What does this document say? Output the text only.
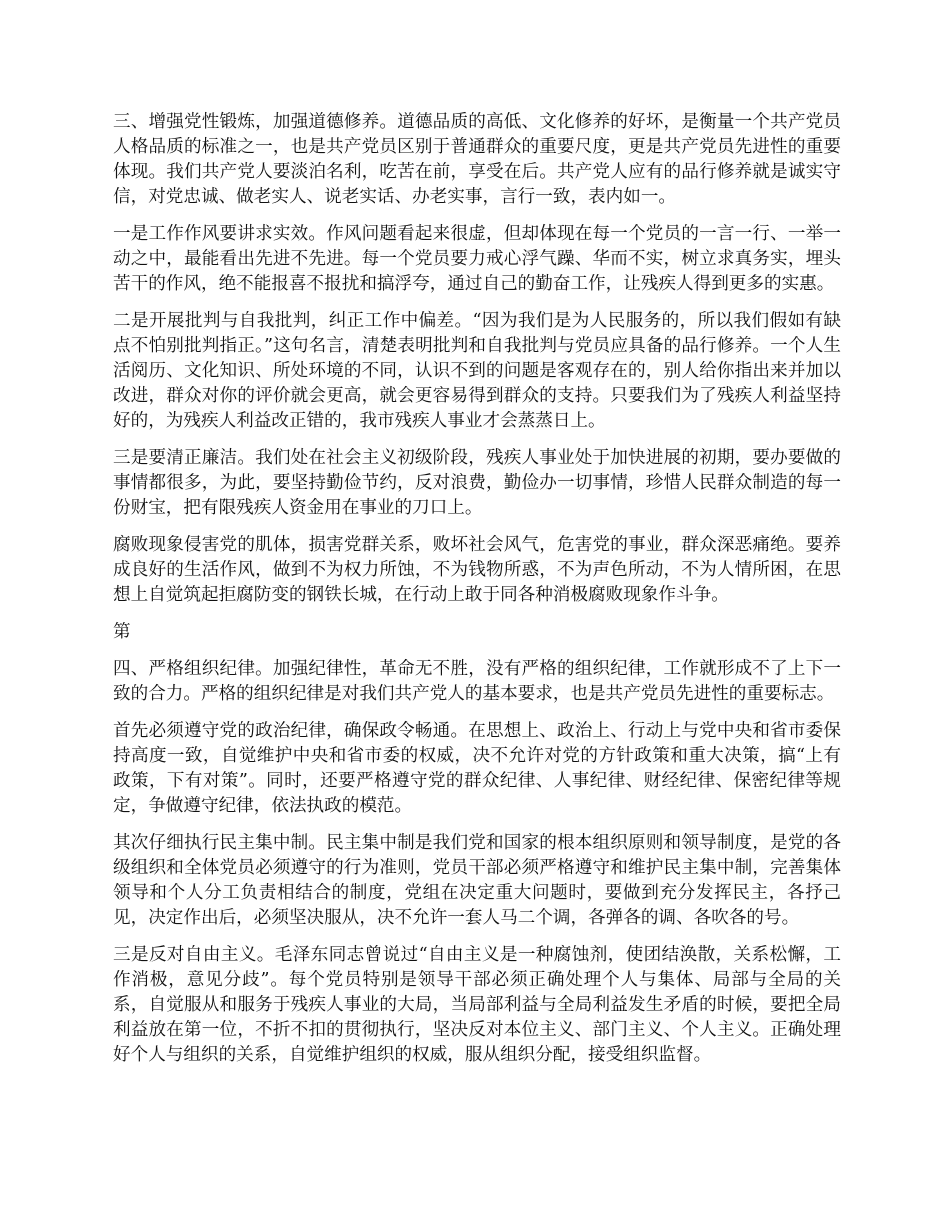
三、增强党性锻炼，加强道德修养。道德品质的高低、文化修养的好坏，是衡量一个共产党员人格品质的标准之一，也是共产党员区别于普通群众的重要尺度，更是共产党员先进性的重要体现。我们共产党人要淡泊名利，吃苦在前，享受在后。共产党人应有的品行修养就是诚实守信，对党忠诚、做老实人、说老实话、办老实事，言行一致，表内如一。

一是工作作风要讲求实效。作风问题看起来很虚，但却体现在每一个党员的一言一行、一举一动之中，最能看出先进不先进。每一个党员要力戒心浮气躁、华而不实，树立求真务实，埋头苦干的作风，绝不能报喜不报扰和搞浮夸，通过自己的勤奋工作，让残疾人得到更多的实惠。

二是开展批判与自我批判，纠正工作中偏差。“因为我们是为人民服务的，所以我们假如有缺点不怕别批判指正。”这句名言，清楚表明批判和自我批判与党员应具备的品行修养。一个人生活阅历、文化知识、所处环境的不同，认识不到的问题是客观存在的，别人给你指出来并加以改进，群众对你的评价就会更高，就会更容易得到群众的支持。只要我们为了残疾人利益坚持好的，为残疾人利益改正错的，我市残疾人事业才会蒸蒸日上。

三是要清正廉洁。我们处在社会主义初级阶段，残疾人事业处于加快进展的初期，要办要做的事情都很多，为此，要坚持勤俭节约，反对浪费，勤俭办一切事情，珍惜人民群众制造的每一份财宝，把有限残疾人资金用在事业的刀口上。

腐败现象侵害党的肌体，损害党群关系，败坏社会风气，危害党的事业，群众深恶痛绝。要养成良好的生活作风，做到不为权力所蚀，不为钱物所惑，不为声色所动，不为人情所困，在思想上自觉筑起拒腐防变的钢铁长城，在行动上敢于同各种消极腐败现象作斗争。

第

四、严格组织纪律。加强纪律性，革命无不胜，没有严格的组织纪律，工作就形成不了上下一致的合力。严格的组织纪律是对我们共产党人的基本要求，也是共产党员先进性的重要标志。

首先必须遵守党的政治纪律，确保政令畅通。在思想上、政治上、行动上与党中央和省市委保持高度一致，自觉维护中央和省市委的权威，决不允许对党的方针政策和重大决策，搞“上有政策，下有对策”。同时，还要严格遵守党的群众纪律、人事纪律、财经纪律、保密纪律等规定，争做遵守纪律，依法执政的模范。

其次仔细执行民主集中制。民主集中制是我们党和国家的根本组织原则和领导制度，是党的各级组织和全体党员必须遵守的行为准则，党员干部必须严格遵守和维护民主集中制，完善集体领导和个人分工负责相结合的制度，党组在决定重大问题时，要做到充分发挥民主，各抒己见，决定作出后，必须坚决服从，决不允许一套人马二个调，各弹各的调、各吹各的号。

三是反对自由主义。毛泽东同志曾说过“自由主义是一种腐蚀剂，使团结涣散，关系松懈，工作消极，意见分歧”。每个党员特别是领导干部必须正确处理个人与集体、局部与全局的关系，自觉服从和服务于残疾人事业的大局，当局部利益与全局利益发生矛盾的时候，要把全局利益放在第一位，不折不扣的贯彻执行，坚决反对本位主义、部门主义、个人主义。正确处理好个人与组织的关系，自觉维护组织的权威，服从组织分配，接受组织监督。
